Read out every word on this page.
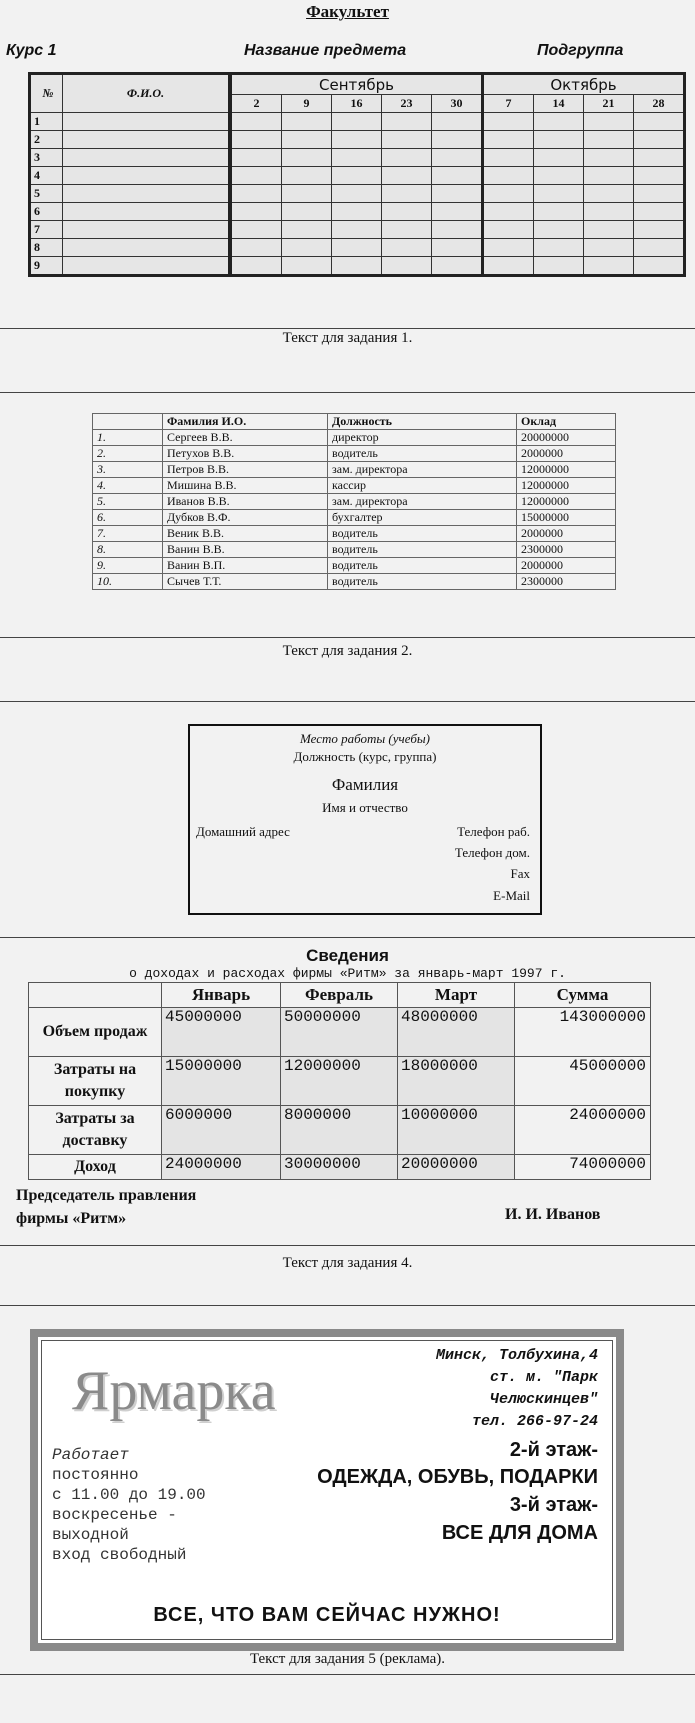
Факультет
Курс 1	Название предмета	Подгруппа
№	Ф.И.О.	Сентябрь					Октябрь			
		2	9	16	23	30	7	14	21	28
1										
2										
3										
4										
5										
6										
7										
8										
9										
Текст для задания 1.
	Фамилия И.О.	Должность	Оклад
1.	Сергеев В.В.	директор	20000000
2.	Петухов В.В.	водитель	2000000
3.	Петров В.В.	зам. директора	12000000
4.	Мишина В.В.	кассир	12000000
5.	Иванов В.В.	зам. директора	12000000
6.	Дубков В.Ф.	бухгалтер	15000000
7.	Веник В.В.	водитель	2000000
8.	Ванин В.В.	водитель	2300000
9.	Ванин В.П.	водитель	2000000
10.	Сычев Т.Т.	водитель	2300000
Текст для задания 2.
Место работы (учебы)
Должность (курс, группа)
Фамилия
Имя и отчество
Домашний адрес	Телефон раб.
Телефон дом.
Fax
E-Mail
Сведения
о доходах и расходах фирмы «Ритм» за январь-март 1997 г.
	Январь	Февраль	Март	Сумма
Объем продаж	45000000	50000000	48000000	143000000
Затраты на покупку	15000000	12000000	18000000	45000000
Затраты за доставку	6000000	8000000	10000000	24000000
Доход	24000000	30000000	20000000	74000000
Председатель правления
фирмы «Ритм»	И. И. Иванов
Текст для задания 4.
Ярмарка
Минск, Толбухина,4
ст. м. "Парк
Челюскинцев"
тел. 266-97-24
Работает
постоянно
с 11.00 до 19.00
воскресенье -
выходной
вход свободный
2-й этаж-
ОДЕЖДА, ОБУВЬ, ПОДАРКИ
3-й этаж-
ВСЕ ДЛЯ ДОМА
ВСЕ, ЧТО ВАМ СЕЙЧАС НУЖНО!
Текст для задания 5 (реклама).
